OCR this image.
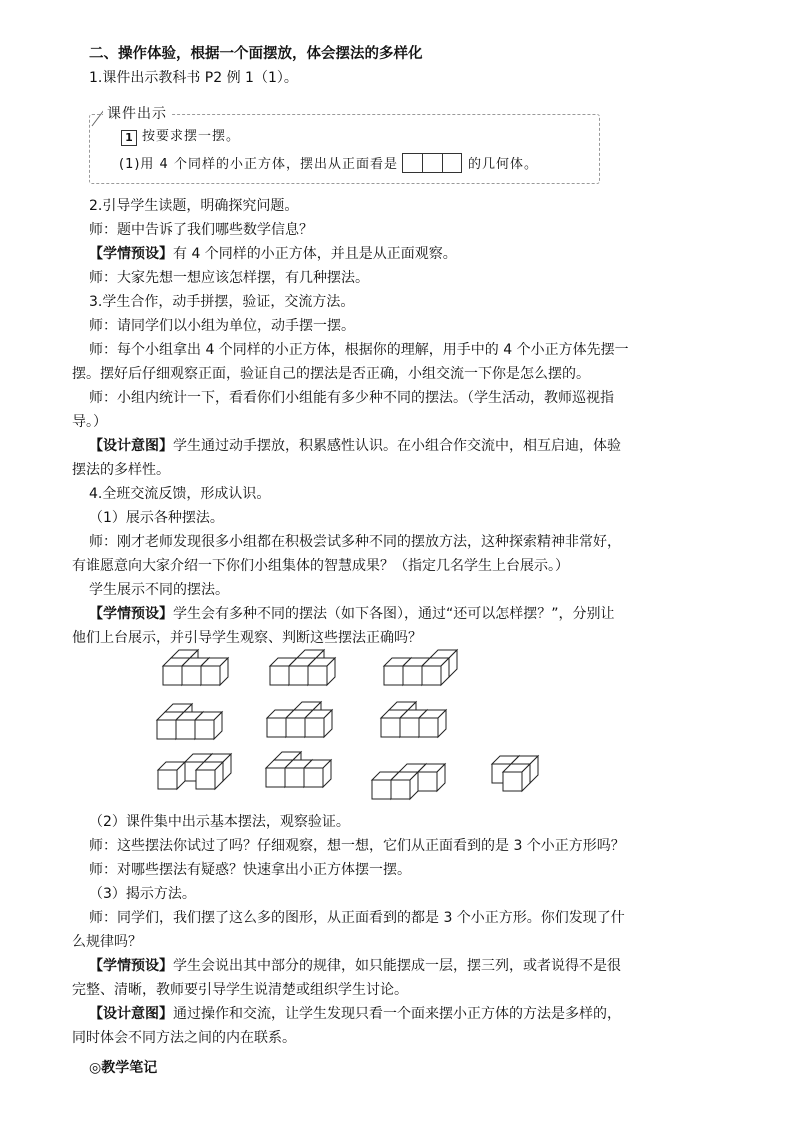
二、操作体验，根据一个面摆放，体会摆法的多样化
1.课件出示教科书 P2 例 1（1）。
课件出示
1 按要求摆一摆。
(1)用 4 个同样的小正方体，摆出从正面看是	的几何体。
2.引导学生读题，明确探究问题。
师：题中告诉了我们哪些数学信息？
【学情预设】有 4 个同样的小正方体，并且是从正面观察。
师：大家先想一想应该怎样摆，有几种摆法。
3.学生合作，动手拼摆，验证，交流方法。
师：请同学们以小组为单位，动手摆一摆。
师：每个小组拿出 4 个同样的小正方体，根据你的理解，用手中的 4 个小正方体先摆一
摆。摆好后仔细观察正面，验证自己的摆法是否正确，小组交流一下你是怎么摆的。
师：小组内统计一下，看看你们小组能有多少种不同的摆法。（学生活动，教师巡视指
导。）
【设计意图】学生通过动手摆放，积累感性认识。在小组合作交流中，相互启迪，体验
摆法的多样性。
4.全班交流反馈，形成认识。
（1）展示各种摆法。
师：刚才老师发现很多小组都在积极尝试多种不同的摆放方法，这种探索精神非常好，
有谁愿意向大家介绍一下你们小组集体的智慧成果？（指定几名学生上台展示。）
学生展示不同的摆法。
【学情预设】学生会有多种不同的摆法（如下各图），通过“还可以怎样摆？”，分别让
他们上台展示，并引导学生观察、判断这些摆法正确吗？
（2）课件集中出示基本摆法，观察验证。
师：这些摆法你试过了吗？仔细观察，想一想，它们从正面看到的是 3 个小正方形吗？
师：对哪些摆法有疑惑？快速拿出小正方体摆一摆。
（3）揭示方法。
师：同学们，我们摆了这么多的图形，从正面看到的都是 3 个小正方形。你们发现了什
么规律吗？
【学情预设】学生会说出其中部分的规律，如只能摆成一层，摆三列，或者说得不是很
完整、清晰，教师要引导学生说清楚或组织学生讨论。
【设计意图】通过操作和交流，让学生发现只看一个面来摆小正方体的方法是多样的，
同时体会不同方法之间的内在联系。
◎教学笔记
